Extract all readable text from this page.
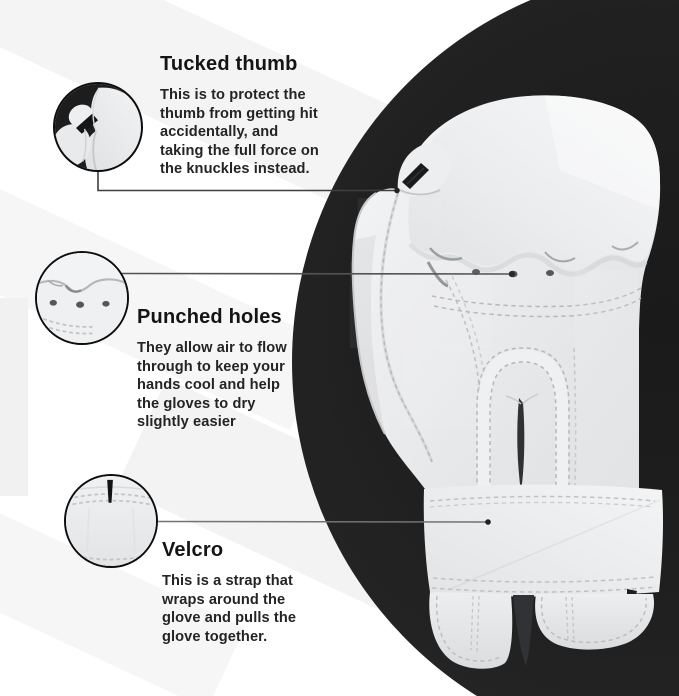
Tucked thumb
This is to protect the
thumb from getting hit
accidentally, and
taking the full force on
the knuckles instead.
Punched holes
They allow air to flow
through to keep your
hands cool and help
the gloves to dry
slightly easier
Velcro
This is a strap that
wraps around the
glove and pulls the
glove together.
